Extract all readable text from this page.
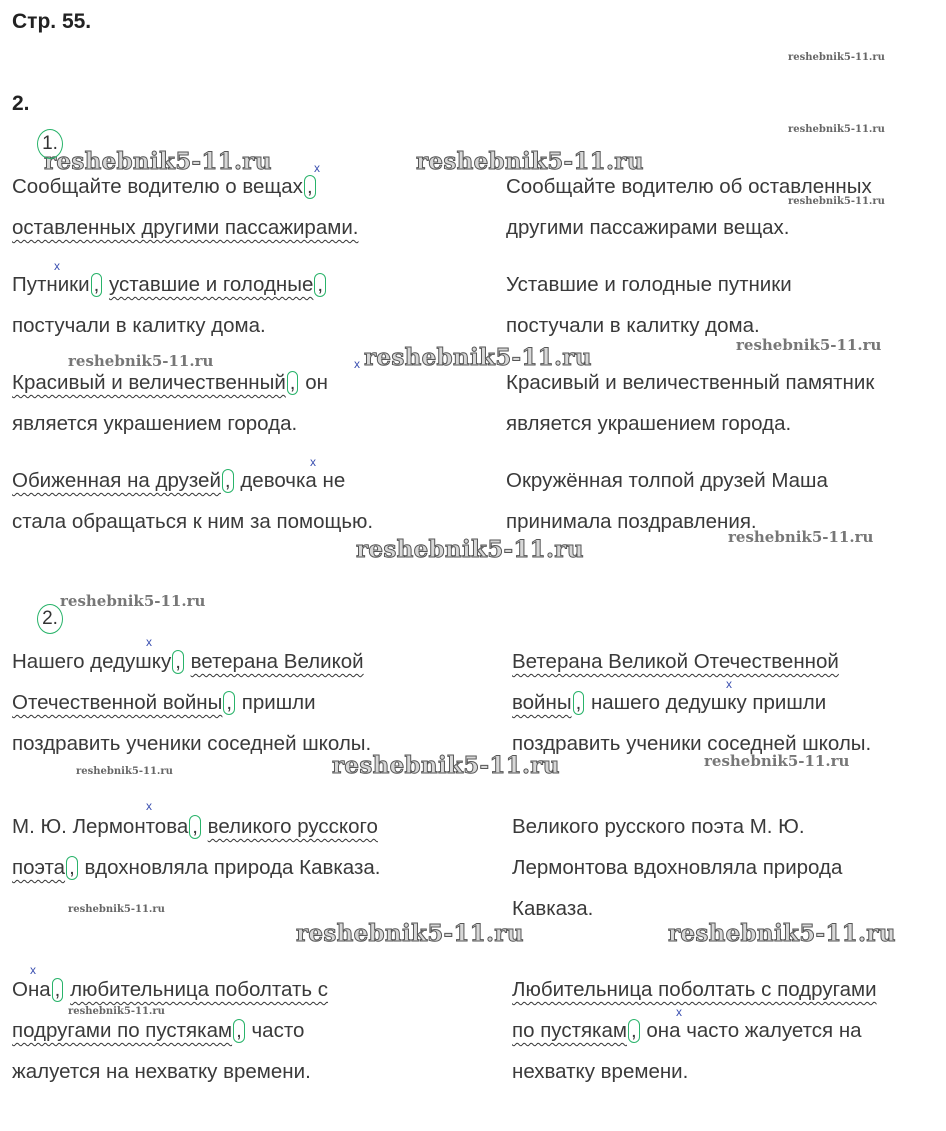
Стр. 55.
2.
reshebnik5-11.ru
reshebnik5-11.ru
reshebnik5-11.ru	reshebnik5-11.ru
reshebnik5-11.ru
reshebnik5-11.ru	reshebnik5-11.ru	reshebnik5-11.ru
reshebnik5-11.ru	reshebnik5-11.ru
reshebnik5-11.ru
reshebnik5-11.ru	reshebnik5-11.ru	reshebnik5-11.ru
reshebnik5-11.ru
reshebnik5-11.ru	reshebnik5-11.ru
reshebnik5-11.ru
x
x
x
x
x
x
x
x
x
1.
Сообщайте водителю о вещах ,
оставленных другими пассажирами.
Сообщайте водителю об оставленных
другими пассажирами вещах.
Путники , уставшие и голодные ,
постучали в калитку дома.
Уставшие и голодные путники
постучали в калитку дома.
Красивый и величественный , он
является украшением города.
Красивый и величественный памятник
является украшением города.
Обиженная на друзей , девочка не
стала обращаться к ним за помощью.
Окружённая толпой друзей Маша
принимала поздравления.
2.
Нашего дедушку , ветерана Великой
Отечественной войны , пришли
поздравить ученики соседней школы.
Ветерана Великой Отечественной
войны , нашего дедушку пришли
поздравить ученики соседней школы.
М. Ю. Лермонтова , великого русского
поэта , вдохновляла природа Кавказа.
Великого русского поэта М. Ю.
Лермонтова вдохновляла природа
Кавказа.
Она , любительница поболтать с
подругами по пустякам , часто
жалуется на нехватку времени.
Любительница поболтать с подругами
по пустякам , она часто жалуется на
нехватку времени.
